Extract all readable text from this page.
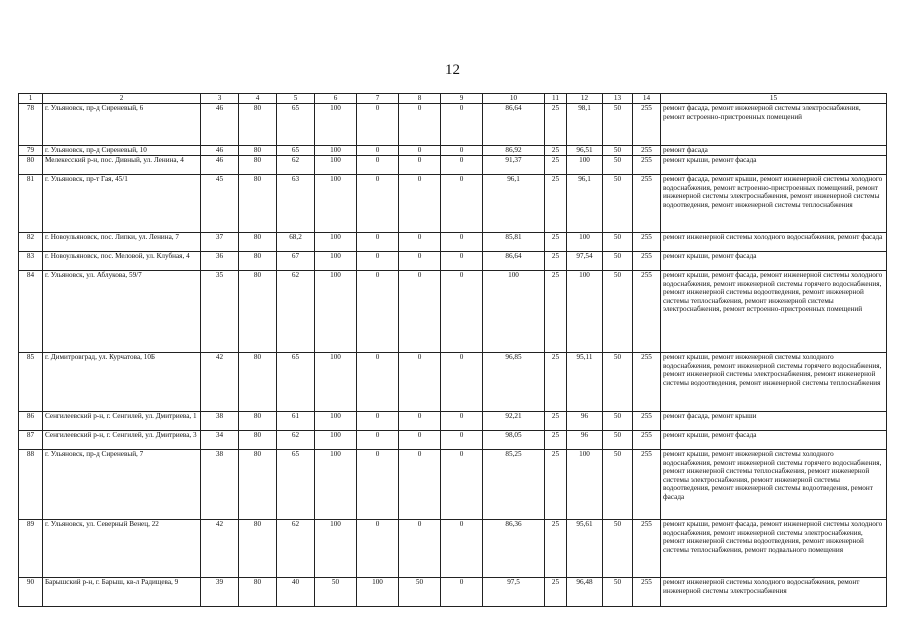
12
1	2	3	4	5	6	7	8	9	10	11	12	13	14	15
78	г. Ульяновск, пр-д Сиреневый, 6	46	80	65	100	0	0	0	86,64	25	98,1	50	255	ремонт фасада, ремонт инженерной системы электроснабжения, ремонт встроенно-пристроенных помещений
79	г. Ульяновск, пр-д Сиреневый, 10	46	80	65	100	0	0	0	86,92	25	96,51	50	255	ремонт фасада
80	Мелекесский р-н, пос. Дивный, ул. Ленина, 4	46	80	62	100	0	0	0	91,37	25	100	50	255	ремонт крыши, ремонт фасада
81	г. Ульяновск, пр-т Гая, 45/1	45	80	63	100	0	0	0	96,1	25	96,1	50	255	ремонт фасада, ремонт крыши, ремонт инженерной системы холодного водоснабжения, ремонт встроенно-пристроенных помещений, ремонт инженерной системы электроснабжения, ремонт инженерной системы водоотведения, ремонт инженерной системы теплоснабжения
82	г. Новоульяновск, пос. Липки, ул. Ленина, 7	37	80	68,2	100	0	0	0	85,81	25	100	50	255	ремонт инженерной системы холодного водоснабжения, ремонт фасада
83	г. Новоульяновск, пос. Меловой, ул. Клубная, 4	36	80	67	100	0	0	0	86,64	25	97,54	50	255	ремонт крыши, ремонт фасада
84	г. Ульяновск, ул. Аблукова, 59/7	35	80	62	100	0	0	0	100	25	100	50	255	ремонт крыши, ремонт фасада, ремонт инженерной системы холодного водоснабжения, ремонт инженерной системы горячего водоснабжения, ремонт инженерной системы водоотведения, ремонт инженерной системы теплоснабжения, ремонт инженерной системы электроснабжения, ремонт встроенно-пристроенных помещений
85	г. Димитровград, ул. Курчатова, 10Б	42	80	65	100	0	0	0	96,85	25	95,11	50	255	ремонт крыши, ремонт инженерной системы холодного водоснабжения, ремонт инженерной системы горячего водоснабжения, ремонт инженерной системы электроснабжения, ремонт инженерной системы водоотведения, ремонт инженерной системы теплоснабжения
86	Сенгилеевский р-н, г. Сенгилей, ул. Дмитриева, 1	38	80	61	100	0	0	0	92,21	25	96	50	255	ремонт фасада, ремонт крыши
87	Сенгилеевский р-н, г. Сенгилей, ул. Дмитриева, 3	34	80	62	100	0	0	0	98,05	25	96	50	255	ремонт крыши, ремонт фасада
88	г. Ульяновск, пр-д Сиреневый, 7	38	80	65	100	0	0	0	85,25	25	100	50	255	ремонт крыши, ремонт инженерной системы холодного водоснабжения, ремонт инженерной системы горячего водоснабжения, ремонт инженерной системы теплоснабжения, ремонт инженерной системы электроснабжения, ремонт инженерной системы водоотведения, ремонт инженерной системы водоотведения, ремонт фасада
89	г. Ульяновск, ул. Северный Венец, 22	42	80	62	100	0	0	0	86,36	25	95,61	50	255	ремонт крыши, ремонт фасада, ремонт инженерной системы холодного водоснабжения, ремонт инженерной системы электроснабжения, ремонт инженерной системы водоотведения, ремонт инженерной системы теплоснабжения, ремонт подвального помещения
90	Барышский р-н, г. Барыш, кв-л Радищева, 9	39	80	40	50	100	50	0	97,5	25	96,48	50	255	ремонт инженерной системы холодного водоснабжения, ремонт инженерной системы электроснабжения
